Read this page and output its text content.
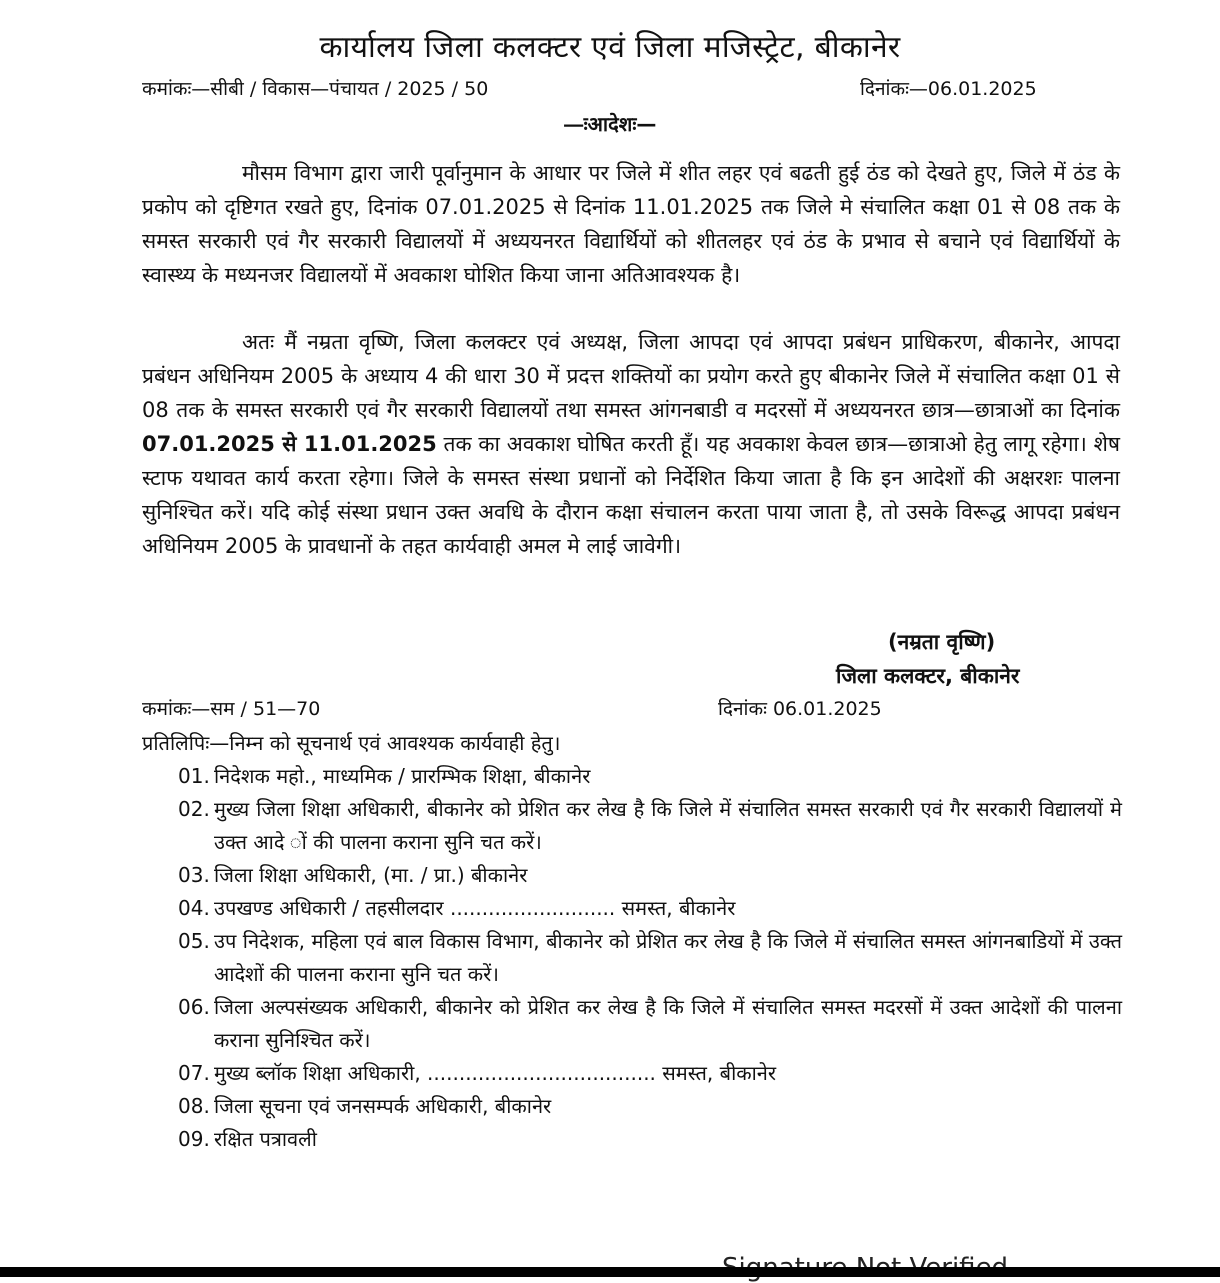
कार्यालय जिला कलक्टर एवं जिला मजिस्ट्रेट, बीकानेर
कमांकः—सीबी / विकास—पंचायत / 2025 / 50	दिनांकः—06.01.2025
—ःआदेशः—

मौसम विभाग द्वारा जारी पूर्वानुमान के आधार पर जिले में शीत लहर एवं बढती हुई ठंड को देखते हुए, जिले में ठंड के प्रकोप को दृष्टिगत रखते हुए, दिनांक 07.01.2025 से दिनांक 11.01.2025 तक जिले मे संचालित कक्षा 01 से 08 तक के समस्त सरकारी एवं गैर सरकारी विद्यालयों में अध्ययनरत विद्यार्थियों को शीतलहर एवं ठंड के प्रभाव से बचाने एवं विद्यार्थियों के स्वास्थ्य के मध्यनजर विद्यालयों में अवकाश घोशित किया जाना अतिआवश्यक है।

अतः मैं नम्रता वृष्णि, जिला कलक्टर एवं अध्यक्ष, जिला आपदा एवं आपदा प्रबंधन प्राधिकरण, बीकानेर, आपदा प्रबंधन अधिनियम 2005 के अध्याय 4 की धारा 30 में प्रदत्त शक्तियों का प्रयोग करते हुए बीकानेर जिले में संचालित कक्षा 01 से 08 तक के समस्त सरकारी एवं गैर सरकारी विद्यालयों तथा समस्त आंगनबाडी व मदरसों में अध्ययनरत छात्र—छात्राओं का दिनांक 07.01.2025 से 11.01.2025 तक का अवकाश घोषित करती हूँ। यह अवकाश केवल छात्र—छात्राओ हेतु लागू रहेगा। शेष स्टाफ यथावत कार्य करता रहेगा। जिले के समस्त संस्था प्रधानों को निर्देशित किया जाता है कि इन आदेशों की अक्षरशः पालना सुनिश्चित करें। यदि कोई संस्था प्रधान उक्त अवधि के दौरान कक्षा संचालन करता पाया जाता है, तो उसके विरूद्ध आपदा प्रबंधन अधिनियम 2005 के प्रावधानों के तहत कार्यवाही अमल मे लाई जावेगी।

(नम्रता वृष्णि)
जिला कलक्टर, बीकानेर
कमांकः—सम / 51—70	दिनांकः 06.01.2025
प्रतिलिपिः—निम्न को सूचनार्थ एवं आवश्यक कार्यवाही हेतु।
01. निदेशक महो., माध्यमिक / प्रारम्भिक शिक्षा, बीकानेर
02. मुख्य जिला शिक्षा अधिकारी, बीकानेर को प्रेशित कर लेख है कि जिले में संचालित समस्त सरकारी एवं गैर सरकारी विद्यालयों मे उक्त आदे ों की पालना कराना सुनि चत करें।
03. जिला शिक्षा अधिकारी, (मा. / प्रा.) बीकानेर
04. उपखण्ड अधिकारी / तहसीलदार .......................... समस्त, बीकानेर
05. उप निदेशक, महिला एवं बाल विकास विभाग, बीकानेर को प्रेशित कर लेख है कि जिले में संचालित समस्त आंगनबाडियों में उक्त आदेशों की पालना कराना सुनि चत करें।
06. जिला अल्पसंख्यक अधिकारी, बीकानेर को प्रेशित कर लेख है कि जिले में संचालित समस्त मदरसों में उक्त आदेशों की पालना कराना सुनिश्चित करें।
07. मुख्य ब्लॉक शिक्षा अधिकारी, .................................... समस्त, बीकानेर
08. जिला सूचना एवं जनसम्पर्क अधिकारी, बीकानेर
09. रक्षित पत्रावली
